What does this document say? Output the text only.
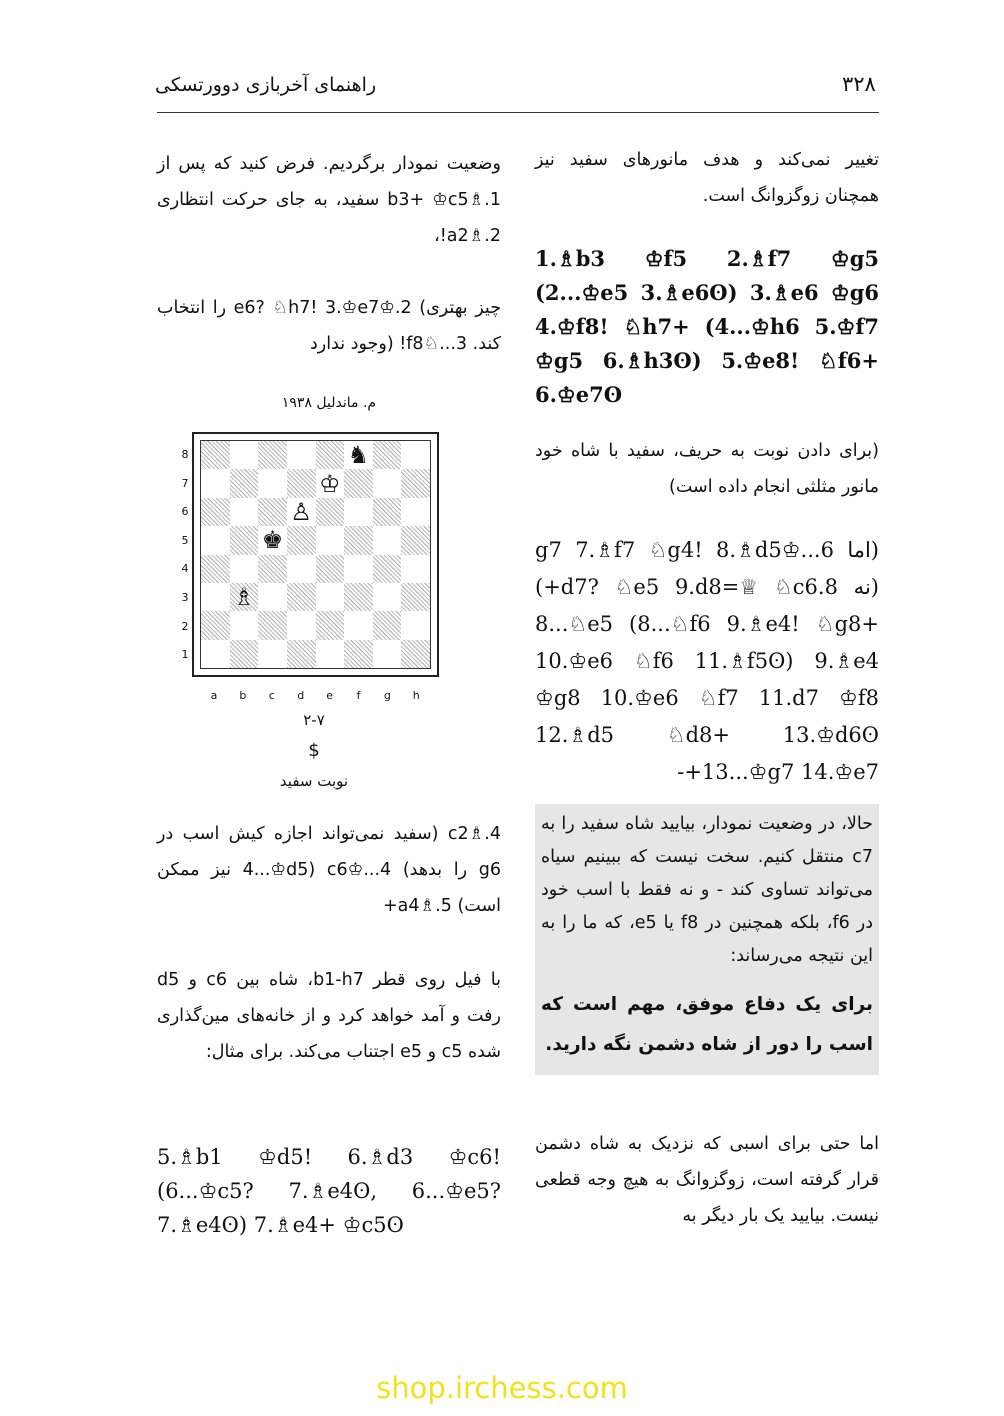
۳۲۸
راهنمای آخربازی دوورتسکی

تغییر نمی‌کند و هدف مانورهای سفید نیز همچنان زوگزوانگ است.

1.♗b3 ♔f5 2.♗f7 ♔g5 (2...♔e5 3.♗e6ʘ) 3.♗e6 ♔g6 4.♔f8! ♘h7+ (4...♔h6 5.♔f7 ♔g5 6.♗h3ʘ) 5.♔e8! ♘f6+ 6.♔e7ʘ

(برای دادن نوبت به حریف، سفید با شاه خود مانور مثلثی انجام داده است)

(اما 6...♔g7 7.♗f7 ♘g4! 8.♗d5 (نه 8.d7? ♘e5 9.d8=♕ ♘c6+) 8...♘e5 (8...♘f6 9.♗e4! ♘g8+ 10.♔e6 ♘f6 11.♗f5ʘ) 9.♗e4 ♔g8 10.♔e6 ♘f7 11.d7 ♔f8 12.♗d5 ♘d8+ 13.♔d6ʘ 13...♔g7 14.♔e7+-

حالا، در وضعیت نمودار، بیایید شاه سفید را به c7 منتقل کنیم. سخت نیست که ببینیم سیاه می‌تواند تساوی کند - و نه فقط با اسب خود در f6، بلکه همچنین در f8 یا e5، که ما را به این نتیجه می‌رساند:

برای یک دفاع موفق، مهم است که اسب را دور از شاه دشمن نگه دارید.

اما حتی برای اسبی که نزدیک به شاه دشمن قرار گرفته است، زوگزوانگ به هیچ وجه قطعی نیست. بیایید یک بار دیگر به

وضعیت نمودار برگردیم. فرض کنید که پس از 1.♗b3+ ♔c5 سفید، به جای حرکت انتظاری 2.♗a2!،

چیز بهتری) 2.♔e6? ♘h7! 3.♔e7 را انتخاب کند. 3...♘f8! (وجود ندارد

م. ماندلیل ۱۹۳۸
8
7
6
5
4
3
2
1
♞
♔
♙
♚
♗
a	b	c	d	e	f	g	h
۲-۷
$
نوبت سفید

4.♗c2 (سفید نمی‌تواند اجازه کیش اسب در g6 را بدهد) 4...♔c6 (4...♔d5 نیز ممکن است) 5.♗a4+

با فیل روی قطر b1-h7، شاه بین c6 و d5 رفت و آمد خواهد کرد و از خانه‌های مین‌گذاری شده c5 و e5 اجتناب می‌کند. برای مثال:

5.♗b1 ♔d5! 6.♗d3 ♔c6! (6...♔c5? 7.♗e4ʘ, 6...♔e5? 7.♗e4ʘ) 7.♗e4+ ♔c5ʘ

shop.irchess.com
